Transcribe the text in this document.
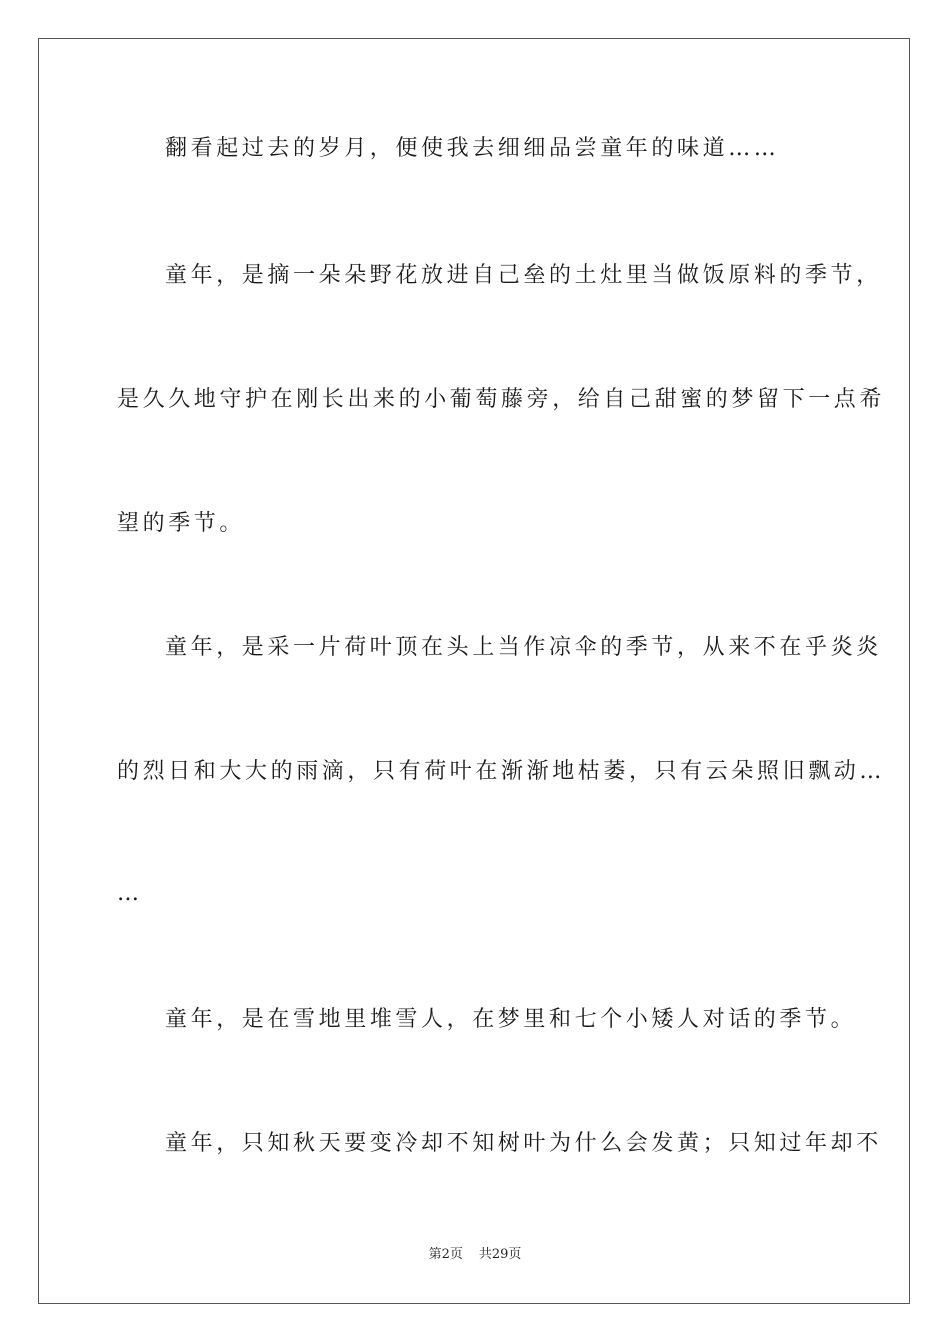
翻看起过去的岁月，便使我去细细品尝童年的味道……
童年，是摘一朵朵野花放进自己垒的土灶里当做饭原料的季节，
是久久地守护在刚长出来的小葡萄藤旁，给自己甜蜜的梦留下一点希
望的季节。
童年，是采一片荷叶顶在头上当作凉伞的季节，从来不在乎炎炎
的烈日和大大的雨滴，只有荷叶在渐渐地枯萎，只有云朵照旧飘动…
…
童年，是在雪地里堆雪人，在梦里和七个小矮人对话的季节。
童年，只知秋天要变冷却不知树叶为什么会发黄；只知过年却不
第2页 共29页
